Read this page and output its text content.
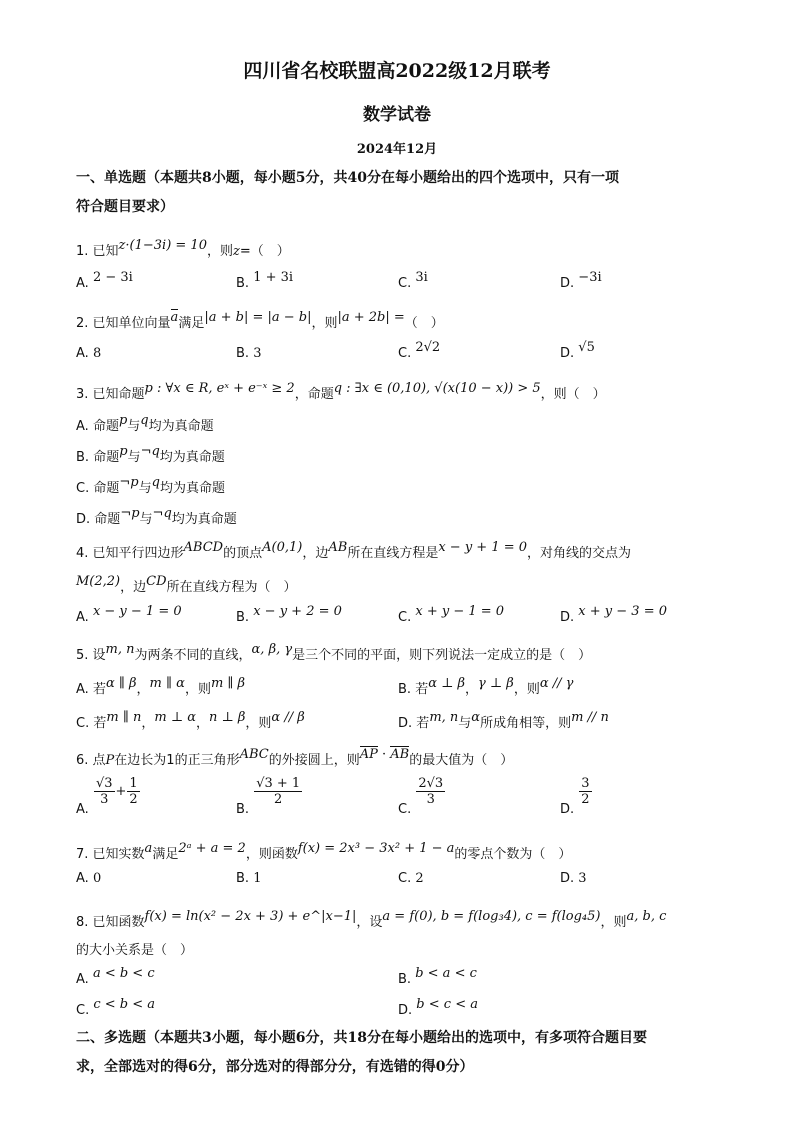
四川省名校联盟高2022级12月联考
数学试卷
2024年12月
一、单选题（本题共8小题，每小题5分，共40分在每小题给出的四个选项中，只有一项
符合题目要求）
1. 已知z·(1−3i) = 10，则z=（　）
A. 2 − 3i	B. 1 + 3i	C. 3i	D. −3i
2. 已知单位向量a满足|a + b| = |a − b|，则|a + 2b| =（　）
A. 8	B. 3	C. 2√2	D. √5
3. 已知命题p : ∀x ∈ R, eˣ + e⁻ˣ ≥ 2，命题q : ∃x ∈ (0,10), √(x(10 − x)) > 5，则（　）
A. 命题p与q均为真命题
B. 命题p与¬q均为真命题
C. 命题¬p与q均为真命题
D. 命题¬p与¬q均为真命题
4. 已知平行四边形ABCD的顶点A(0,1)，边AB所在直线方程是x − y + 1 = 0，对角线的交点为
M(2,2)，边CD所在直线方程为（　）
A. x − y − 1 = 0	B. x − y + 2 = 0	C. x + y − 1 = 0	D. x + y − 3 = 0
5. 设m, n为两条不同的直线，α, β, γ是三个不同的平面，则下列说法一定成立的是（　）
A. 若α ∥ β，m ∥ α，则m ∥ β	B. 若α ⊥ β，γ ⊥ β，则α // γ
C. 若m ∥ n，m ⊥ α，n ⊥ β，则α // β	D. 若m, n与α所成角相等，则m // n
6. 点P在边长为1的正三角形ABC的外接圆上，则AP · AB的最大值为（　）
A.
$\frac{√3}{3} + \frac{1}{2}$
B.
$\frac{√3 + 1}{2}$
C.
$\frac{2√3}{3}$
D.
$\frac{3}{2}$
7. 已知实数a满足2ᵃ + a = 2，则函数f(x) = 2x³ − 3x² + 1 − a的零点个数为（　）
A. 0	B. 1	C. 2	D. 3
8. 已知函数f(x) = ln(x² − 2x + 3) + e^|x−1|，设a = f(0), b = f(log₃4), c = f(log₄5)，则a, b, c
的大小关系是（　）
A. a < b < c	B. b < a < c
C. c < b < a	D. b < c < a
二、多选题（本题共3小题，每小题6分，共18分在每小题给出的选项中，有多项符合题目要
求，全部选对的得6分，部分选对的得部分分，有选错的得0分）
